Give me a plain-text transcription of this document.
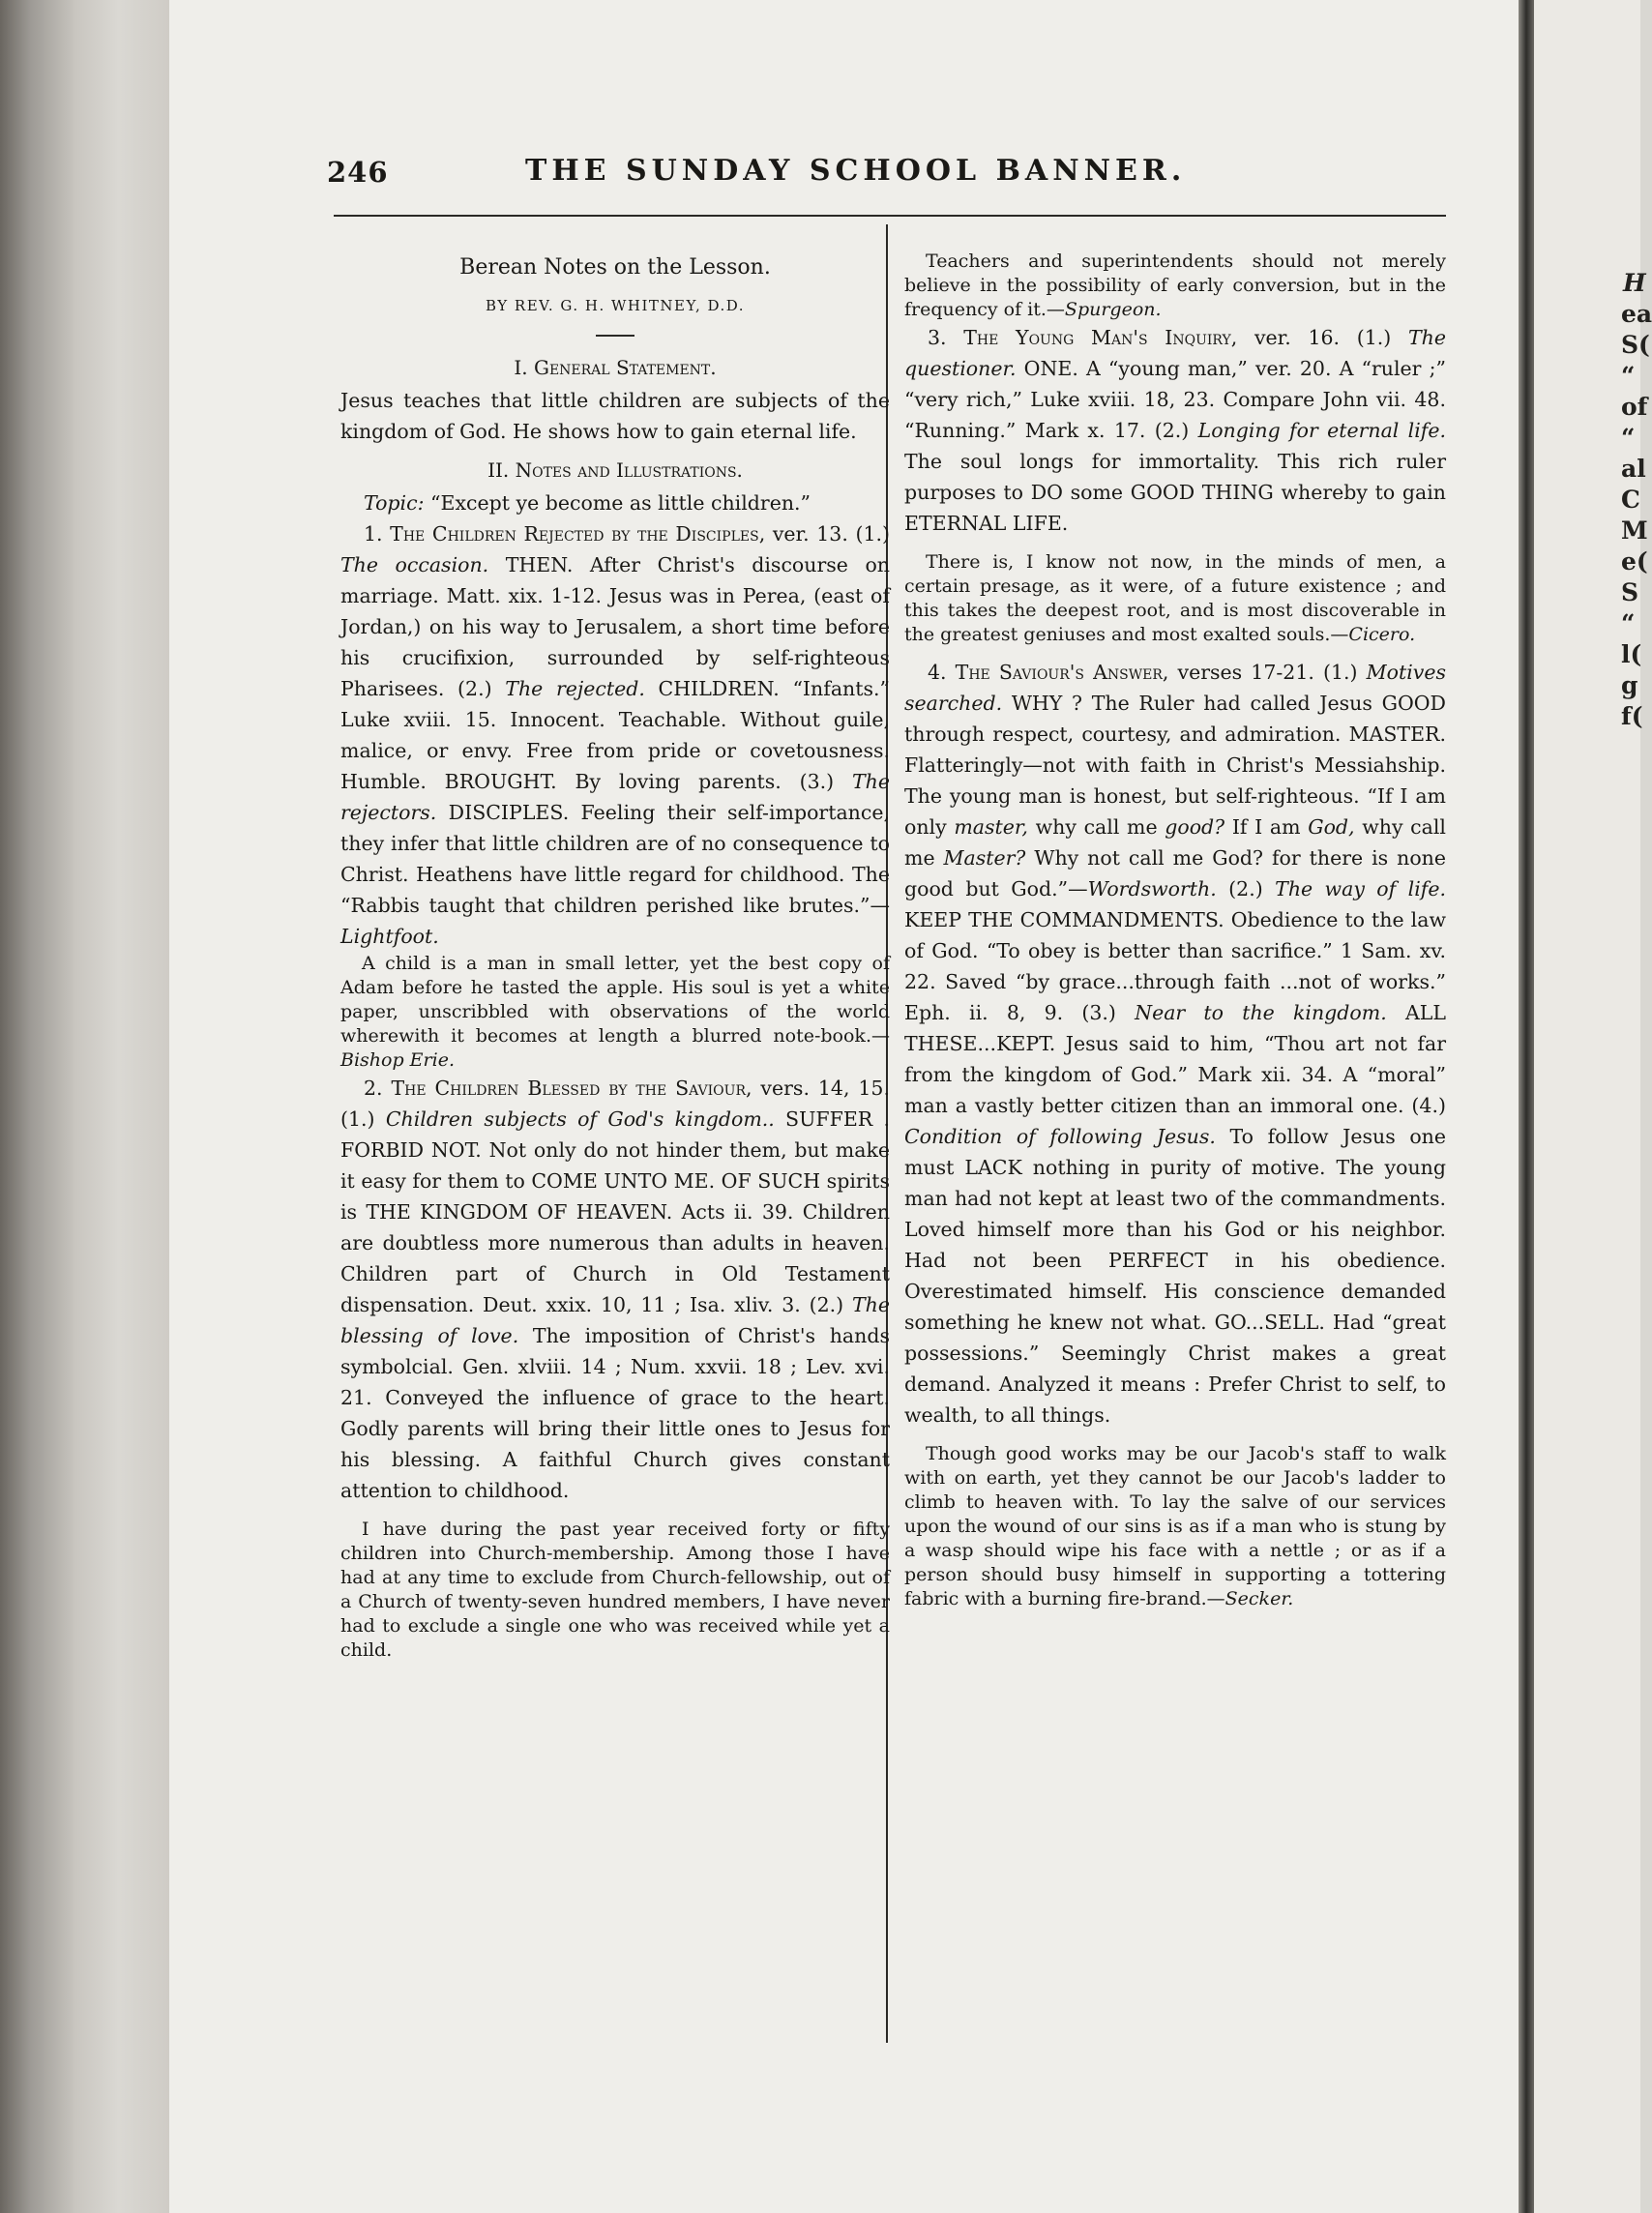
H
ea
S(
“
of
“
al
C
M
e(
S
“
l(
g
f(
246	THE SUNDAY SCHOOL BANNER.

Berean Notes on the Lesson.

BY REV. G. H. WHITNEY, D.D.

I. General Statement.

Jesus teaches that little children are subjects of the kingdom of God. He shows how to gain eternal life.

II. Notes and Illustrations.

Topic: “Except ye become as little children.”

1. The Children Rejected by the Disciples, ver. 13. (1.) The occasion. THEN. After Christ's discourse on marriage. Matt. xix. 1-12. Jesus was in Perea, (east of Jordan,) on his way to Jerusalem, a short time before his crucifixion, surrounded by self-righteous Pharisees. (2.) The rejected. CHILDREN. “Infants.” Luke xviii. 15. Innocent. Teachable. Without guile, malice, or envy. Free from pride or covetousness. Humble. BROUGHT. By loving parents. (3.) The rejectors. DISCIPLES. Feeling their self-importance, they infer that little children are of no consequence to Christ. Heathens have little regard for childhood. The “Rabbis taught that children perished like brutes.”—Lightfoot.

A child is a man in small letter, yet the best copy of Adam before he tasted the apple. His soul is yet a white paper, unscribbled with observations of the world wherewith it becomes at length a blurred note-book.—Bishop Erie.

2. The Children Blessed by the Saviour, vers. 14, 15. (1.) Children subjects of God's kingdom.. SUFFER . FORBID NOT. Not only do not hinder them, but make it easy for them to COME UNTO ME. OF SUCH spirits is THE KINGDOM OF HEAVEN. Acts ii. 39. Children are doubtless more numerous than adults in heaven. Children part of Church in Old Testament dispensation. Deut. xxix. 10, 11 ; Isa. xliv. 3. (2.) The blessing of love. The imposition of Christ's hands symbolcial. Gen. xlviii. 14 ; Num. xxvii. 18 ; Lev. xvi. 21. Conveyed the influence of grace to the heart. Godly parents will bring their little ones to Jesus for his blessing. A faithful Church gives constant attention to childhood.

I have during the past year received forty or fifty children into Church-membership. Among those I have had at any time to exclude from Church-fellowship, out of a Church of twenty-seven hundred members, I have never had to exclude a single one who was received while yet a child.

Teachers and superintendents should not merely believe in the possibility of early conversion, but in the frequency of it.—Spurgeon.

3. The Young Man's Inquiry, ver. 16. (1.) The questioner. ONE. A “young man,” ver. 20. A “ruler ;” “very rich,” Luke xviii. 18, 23. Compare John vii. 48. “Running.” Mark x. 17. (2.) Longing for eternal life. The soul longs for immortality. This rich ruler purposes to DO some GOOD THING whereby to gain ETERNAL LIFE.

There is, I know not now, in the minds of men, a certain presage, as it were, of a future existence ; and this takes the deepest root, and is most discoverable in the greatest geniuses and most exalted souls.—Cicero.

4. The Saviour's Answer, verses 17-21. (1.) Motives searched. WHY ? The Ruler had called Jesus GOOD through respect, courtesy, and admiration. MASTER. Flatteringly—not with faith in Christ's Messiahship. The young man is honest, but self-righteous. “If I am only master, why call me good? If I am God, why call me Master? Why not call me God? for there is none good but God.”—Wordsworth. (2.) The way of life. KEEP THE COMMANDMENTS. Obedience to the law of God. “To obey is better than sacrifice.” 1 Sam. xv. 22. Saved “by grace...through faith ...not of works.” Eph. ii. 8, 9. (3.) Near to the kingdom. ALL THESE...KEPT. Jesus said to him, “Thou art not far from the kingdom of God.” Mark xii. 34. A “moral” man a vastly better citizen than an immoral one. (4.) Condition of following Jesus. To follow Jesus one must LACK nothing in purity of motive. The young man had not kept at least two of the commandments. Loved himself more than his God or his neighbor. Had not been PERFECT in his obedience. Overestimated himself. His conscience demanded something he knew not what. GO...SELL. Had “great possessions.” Seemingly Christ makes a great demand. Analyzed it means : Prefer Christ to self, to wealth, to all things.

Though good works may be our Jacob's staff to walk with on earth, yet they cannot be our Jacob's ladder to climb to heaven with. To lay the salve of our services upon the wound of our sins is as if a man who is stung by a wasp should wipe his face with a nettle ; or as if a person should busy himself in supporting a tottering fabric with a burning fire-brand.—Secker.
